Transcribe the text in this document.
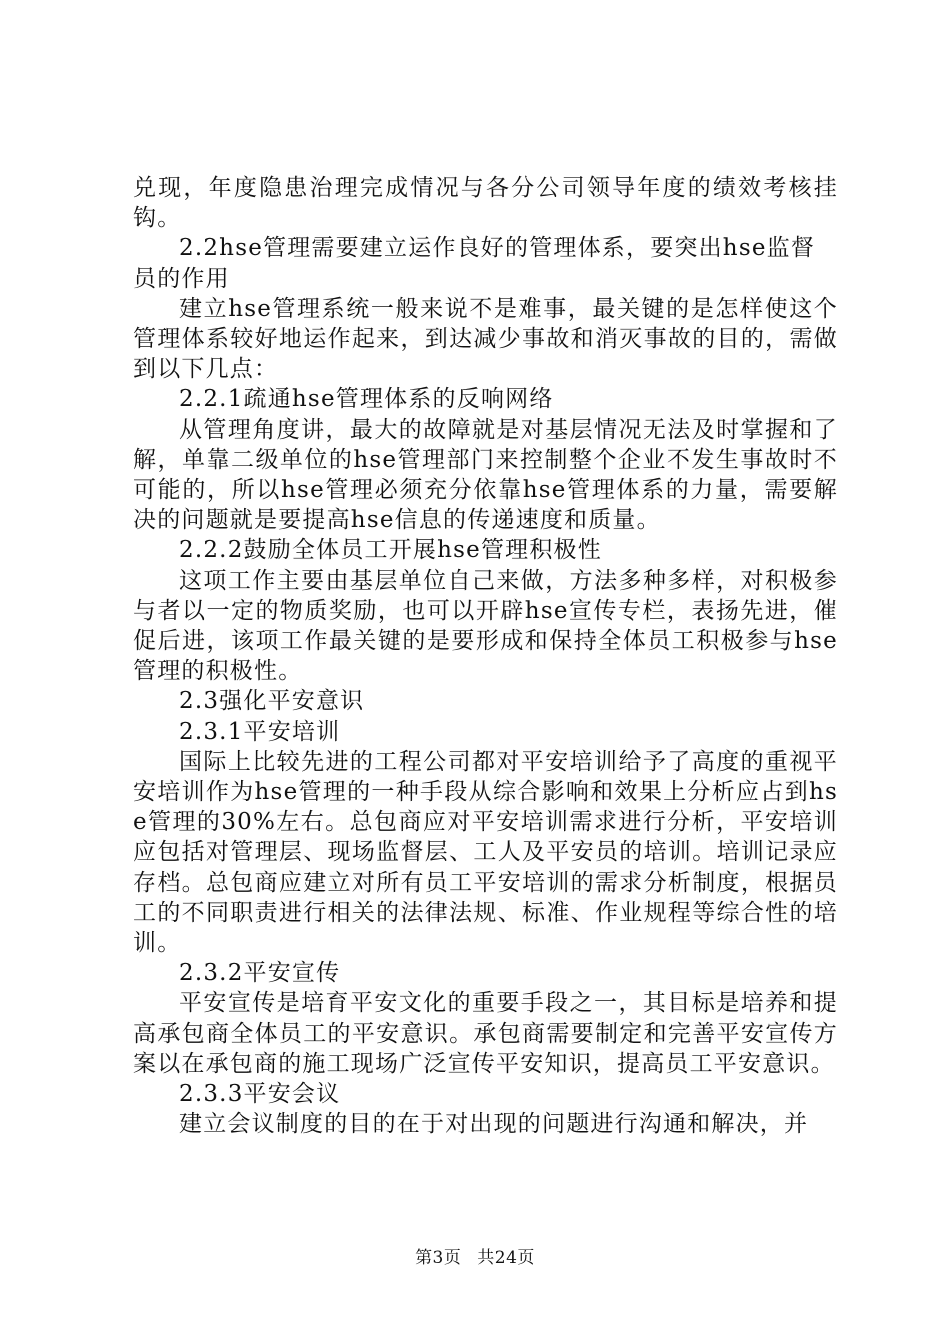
兑现，年度隐患治理完成情况与各分公司领导年度的绩效考核挂钩。

2.2hse管理需要建立运作良好的管理体系，要突出hse监督员的作用

建立hse管理系统一般来说不是难事，最关键的是怎样使这个管理体系较好地运作起来，到达减少事故和消灭事故的目的，需做到以下几点：

2.2.1疏通hse管理体系的反响网络

从管理角度讲，最大的故障就是对基层情况无法及时掌握和了解，单靠二级单位的hse管理部门来控制整个企业不发生事故时不可能的，所以hse管理必须充分依靠hse管理体系的力量，需要解决的问题就是要提高hse信息的传递速度和质量。

2.2.2鼓励全体员工开展hse管理积极性

这项工作主要由基层单位自己来做，方法多种多样，对积极参与者以一定的物质奖励，也可以开辟hse宣传专栏，表扬先进，催促后进，该项工作最关键的是要形成和保持全体员工积极参与hse管理的积极性。

2.3强化平安意识

2.3.1平安培训

国际上比较先进的工程公司都对平安培训给予了高度的重视平安培训作为hse管理的一种手段从综合影响和效果上分析应占到hse管理的30%左右。总包商应对平安培训需求进行分析，平安培训应包括对管理层、现场监督层、工人及平安员的培训。培训记录应存档。总包商应建立对所有员工平安培训的需求分析制度，根据员工的不同职责进行相关的法律法规、标准、作业规程等综合性的培训。

2.3.2平安宣传

平安宣传是培育平安文化的重要手段之一，其目标是培养和提高承包商全体员工的平安意识。承包商需要制定和完善平安宣传方案以在承包商的施工现场广泛宣传平安知识，提高员工平安意识。

2.3.3平安会议

建立会议制度的目的在于对出现的问题进行沟通和解决，并

第3页 共24页
